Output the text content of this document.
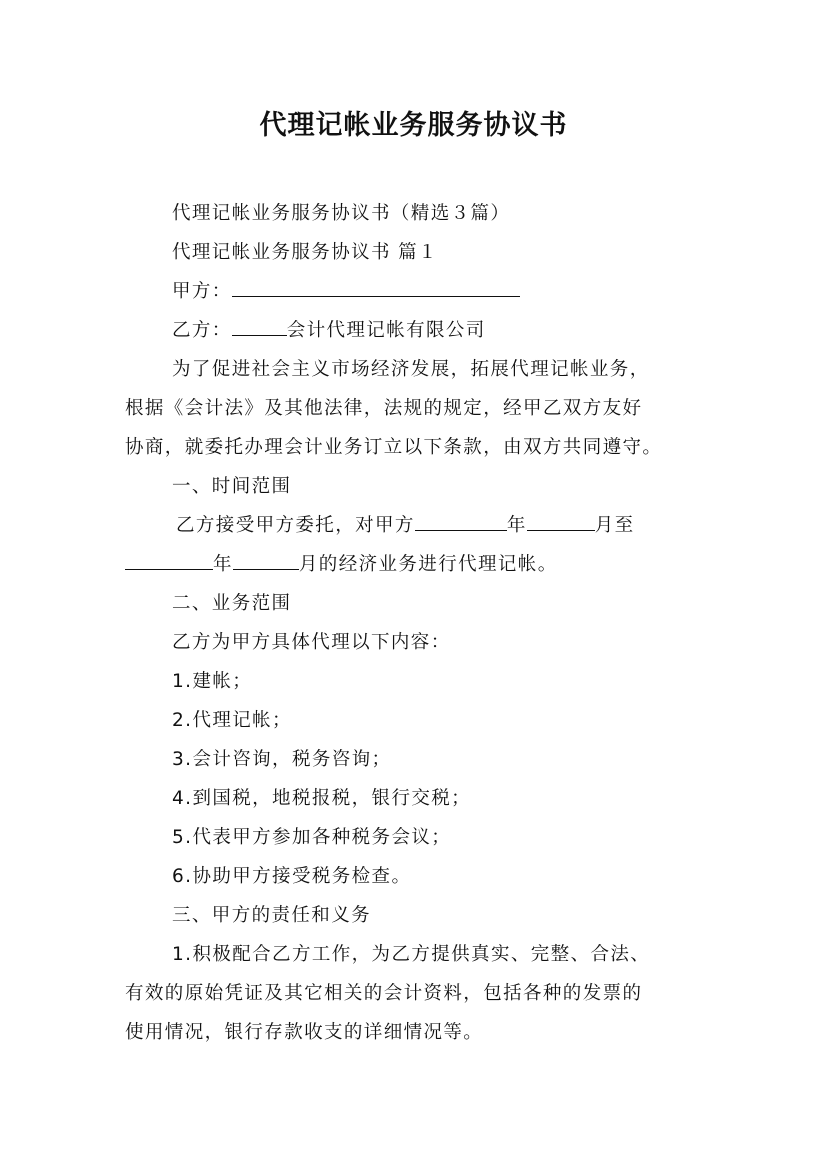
代理记帐业务服务协议书
代理记帐业务服务协议书（精选３篇）
代理记帐业务服务协议书 篇１
甲方：
乙方：	会计代理记帐有限公司
为了促进社会主义市场经济发展，拓展代理记帐业务，
根据《会计法》及其他法律，法规的规定，经甲乙双方友好
协商，就委托办理会计业务订立以下条款，由双方共同遵守。
一、时间范围
乙方接受甲方委托，对甲方	年	月至
年	月的经济业务进行代理记帐。
二、业务范围
乙方为甲方具体代理以下内容：
1.建帐；
2.代理记帐；
3.会计咨询，税务咨询；
4.到国税，地税报税，银行交税；
5.代表甲方参加各种税务会议；
6.协助甲方接受税务检查。
三、甲方的责任和义务
1.积极配合乙方工作，为乙方提供真实、完整、合法、
有效的原始凭证及其它相关的会计资料，包括各种的发票的
使用情况，银行存款收支的详细情况等。
